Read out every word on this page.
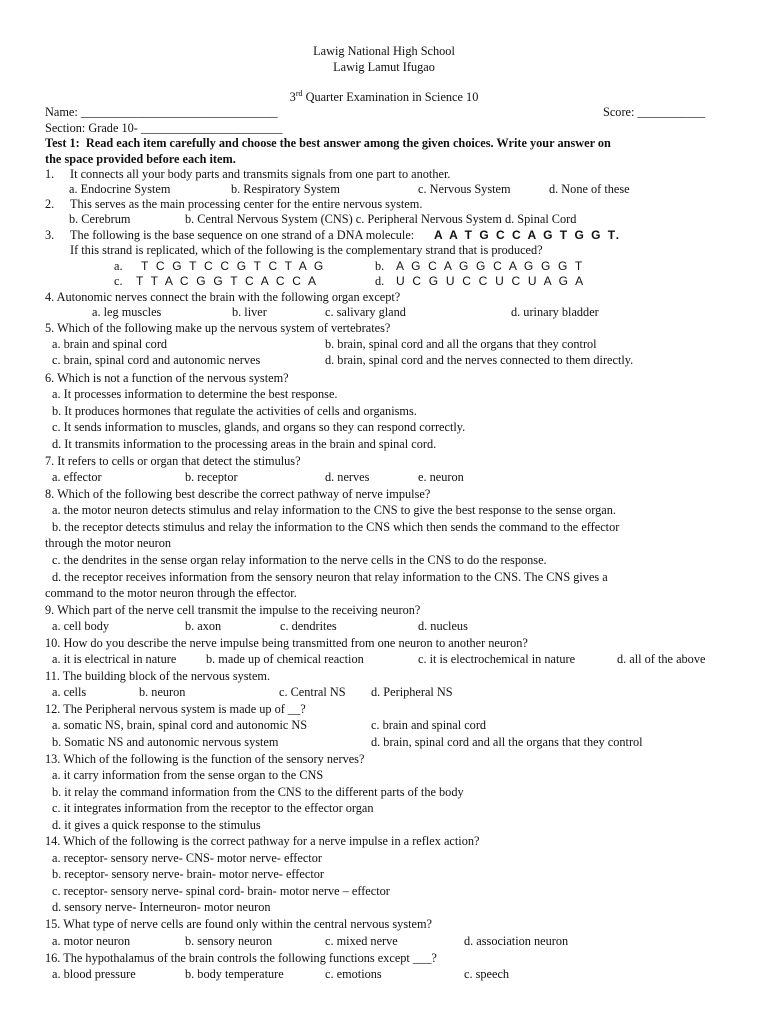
Lawig National High School
Lawig Lamut Ifugao
3rd Quarter Examination in Science 10
Name: ________________________________	Score: ___________
Section: Grade 10- _______________________
Test 1: Read each item carefully and choose the best answer among the given choices. Write your answer on
the space provided before each item.
1. It connects all your body parts and transmits signals from one part to another.
a. Endocrine System	b. Respiratory System	c. Nervous System	d. None of these
2. This serves as the main processing center for the entire nervous system.
b. Cerebrum	b. Central Nervous System (CNS) c. Peripheral Nervous System d. Spinal Cord
3. The following is the base sequence on one strand of a DNA molecule: A A T G C C A G T G G T.
If this strand is replicated, which of the following is the complementary strand that is produced?
a. T C G T C C G T C T A G	b. A G C A G G C A G G G T
c. T T A C G G T C A C C A	d. U C G U C C U C U A G A
4. Autonomic nerves connect the brain with the following organ except?
a. leg muscles	b. liver	c. salivary gland	d. urinary bladder
5. Which of the following make up the nervous system of vertebrates?
a. brain and spinal cord	b. brain, spinal cord and all the organs that they control
c. brain, spinal cord and autonomic nerves	d. brain, spinal cord and the nerves connected to them directly.
6. Which is not a function of the nervous system?
a. It processes information to determine the best response.
b. It produces hormones that regulate the activities of cells and organisms.
c. It sends information to muscles, glands, and organs so they can respond correctly.
d. It transmits information to the processing areas in the brain and spinal cord.
7. It refers to cells or organ that detect the stimulus?
a. effector	b. receptor	d. nerves	e. neuron
8. Which of the following best describe the correct pathway of nerve impulse?
a. the motor neuron detects stimulus and relay information to the CNS to give the best response to the sense organ.
b. the receptor detects stimulus and relay the information to the CNS which then sends the command to the effector
through the motor neuron
c. the dendrites in the sense organ relay information to the nerve cells in the CNS to do the response.
d. the receptor receives information from the sensory neuron that relay information to the CNS. The CNS gives a
command to the motor neuron through the effector.
9. Which part of the nerve cell transmit the impulse to the receiving neuron?
a. cell body	b. axon	c. dendrites	d. nucleus
10. How do you describe the nerve impulse being transmitted from one neuron to another neuron?
a. it is electrical in nature b. made up of chemical reaction	c. it is electrochemical in nature	d. all of the above
11. The building block of the nervous system.
a. cells	b. neuron	c. Central NS d. Peripheral NS
12. The Peripheral nervous system is made up of __?
a. somatic NS, brain, spinal cord and autonomic NS	c. brain and spinal cord
b. Somatic NS and autonomic nervous system	d. brain, spinal cord and all the organs that they control
13. Which of the following is the function of the sensory nerves?
a. it carry information from the sense organ to the CNS
b. it relay the command information from the CNS to the different parts of the body
c. it integrates information from the receptor to the effector organ
d. it gives a quick response to the stimulus
14. Which of the following is the correct pathway for a nerve impulse in a reflex action?
a. receptor- sensory nerve- CNS- motor nerve- effector
b. receptor- sensory nerve- brain- motor nerve- effector
c. receptor- sensory nerve- spinal cord- brain- motor nerve – effector
d. sensory nerve- Interneuron- motor neuron
15. What type of nerve cells are found only within the central nervous system?
a. motor neuron	b. sensory neuron	c. mixed nerve	d. association neuron
16. The hypothalamus of the brain controls the following functions except ___?
a. blood pressure	b. body temperature	c. emotions	c. speech
